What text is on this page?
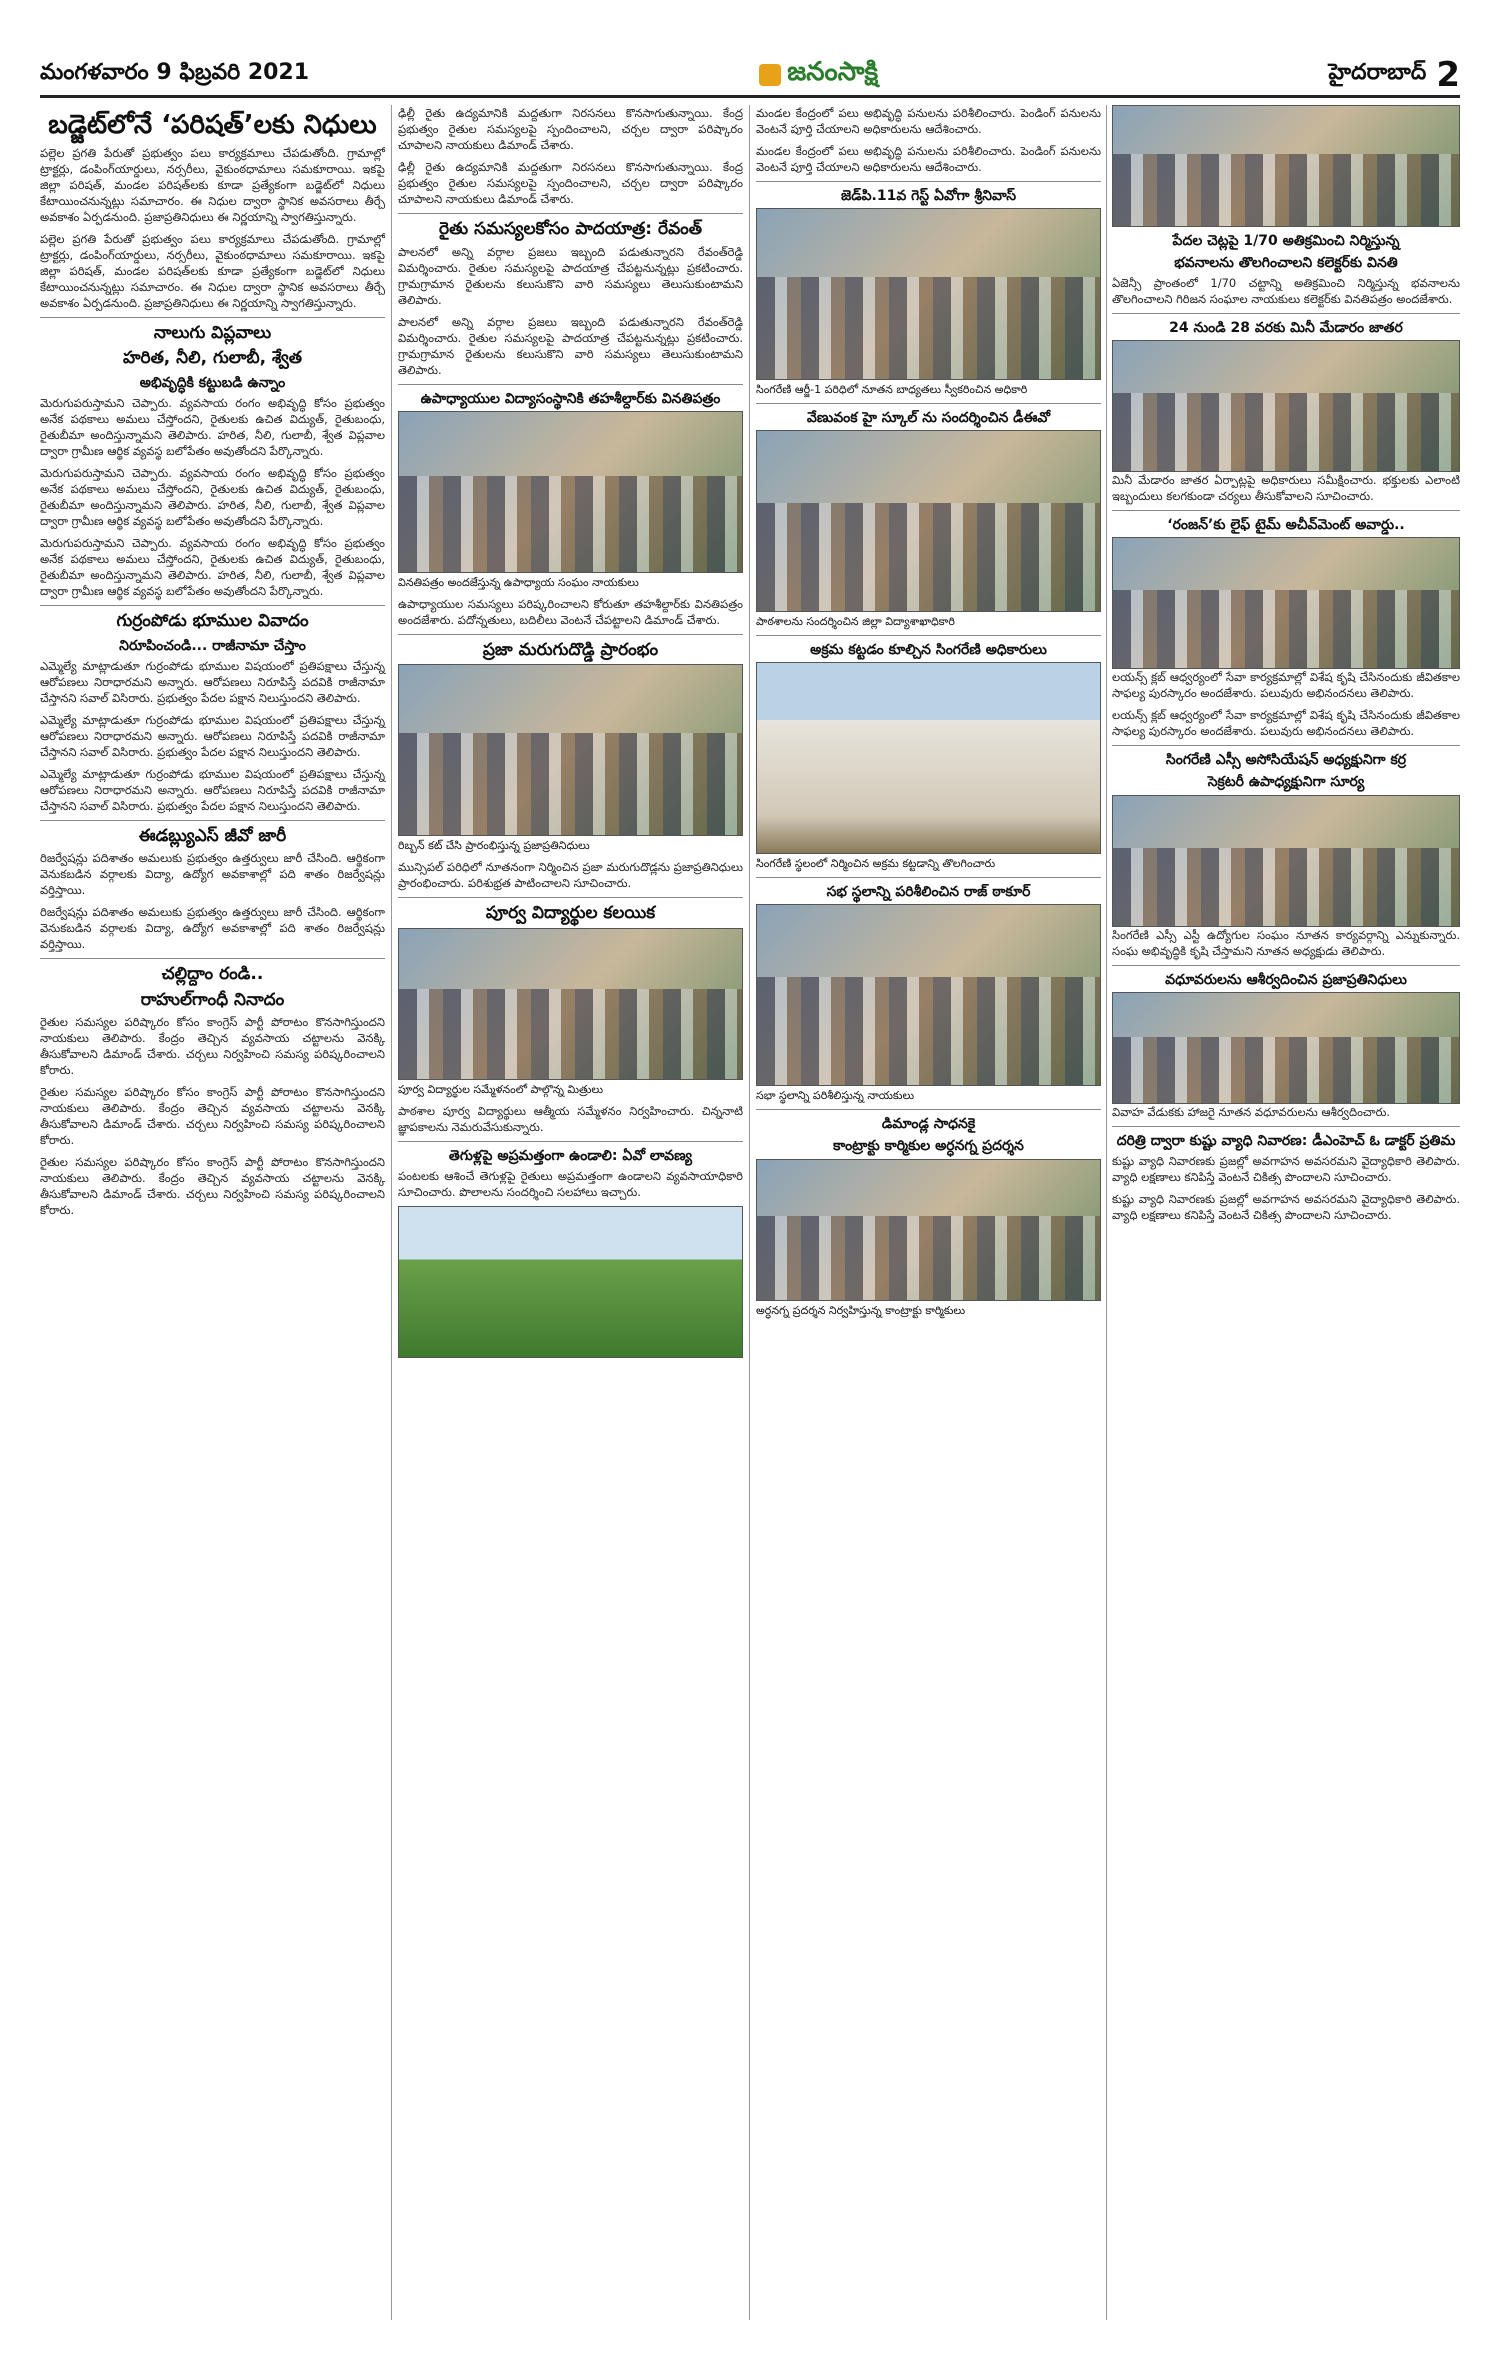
మంగళవారం 9 ఫిబ్రవరి 2021	జనంసాక్షి	హైదరాబాద్ 2
బడ్జెట్‌లోనే ‘పరిషత్’లకు నిధులు

పల్లెల ప్రగతి పేరుతో ప్రభుత్వం పలు కార్యక్రమాలు చేపడుతోంది. గ్రామాల్లో ట్రాక్టర్లు, డంపింగ్‌యార్డులు, నర్సరీలు, వైకుంఠధామాలు సమకూరాయి. ఇకపై జిల్లా పరిషత్, మండల పరిషత్‌లకు కూడా ప్రత్యేకంగా బడ్జెట్‌లో నిధులు కేటాయించనున్నట్లు సమాచారం. ఈ నిధుల ద్వారా స్థానిక అవసరాలు తీర్చే అవకాశం ఏర్పడనుంది. ప్రజాప్రతినిధులు ఈ నిర్ణయాన్ని స్వాగతిస్తున్నారు.

పల్లెల ప్రగతి పేరుతో ప్రభుత్వం పలు కార్యక్రమాలు చేపడుతోంది. గ్రామాల్లో ట్రాక్టర్లు, డంపింగ్‌యార్డులు, నర్సరీలు, వైకుంఠధామాలు సమకూరాయి. ఇకపై జిల్లా పరిషత్, మండల పరిషత్‌లకు కూడా ప్రత్యేకంగా బడ్జెట్‌లో నిధులు కేటాయించనున్నట్లు సమాచారం. ఈ నిధుల ద్వారా స్థానిక అవసరాలు తీర్చే అవకాశం ఏర్పడనుంది. ప్రజాప్రతినిధులు ఈ నిర్ణయాన్ని స్వాగతిస్తున్నారు.

నాలుగు విప్లవాలు
హరిత, నీలి, గులాబీ, శ్వేత
అభివృద్ధికి కట్టుబడి ఉన్నాం

మెరుగుపరుస్తామని చెప్పారు. వ్యవసాయ రంగం అభివృద్ధి కోసం ప్రభుత్వం అనేక పథకాలు అమలు చేస్తోందని, రైతులకు ఉచిత విద్యుత్, రైతుబంధు, రైతుబీమా అందిస్తున్నామని తెలిపారు. హరిత, నీలి, గులాబీ, శ్వేత విప్లవాల ద్వారా గ్రామీణ ఆర్థిక వ్యవస్థ బలోపేతం అవుతోందని పేర్కొన్నారు.

మెరుగుపరుస్తామని చెప్పారు. వ్యవసాయ రంగం అభివృద్ధి కోసం ప్రభుత్వం అనేక పథకాలు అమలు చేస్తోందని, రైతులకు ఉచిత విద్యుత్, రైతుబంధు, రైతుబీమా అందిస్తున్నామని తెలిపారు. హరిత, నీలి, గులాబీ, శ్వేత విప్లవాల ద్వారా గ్రామీణ ఆర్థిక వ్యవస్థ బలోపేతం అవుతోందని పేర్కొన్నారు.

మెరుగుపరుస్తామని చెప్పారు. వ్యవసాయ రంగం అభివృద్ధి కోసం ప్రభుత్వం అనేక పథకాలు అమలు చేస్తోందని, రైతులకు ఉచిత విద్యుత్, రైతుబంధు, రైతుబీమా అందిస్తున్నామని తెలిపారు. హరిత, నీలి, గులాబీ, శ్వేత విప్లవాల ద్వారా గ్రామీణ ఆర్థిక వ్యవస్థ బలోపేతం అవుతోందని పేర్కొన్నారు.

గుర్రంపోడు భూముల వివాదం
నిరూపించండి... రాజీనామా చేస్తాం

ఎమ్మెల్యే మాట్లాడుతూ గుర్రంపోడు భూముల విషయంలో ప్రతిపక్షాలు చేస్తున్న ఆరోపణలు నిరాధారమని అన్నారు. ఆరోపణలు నిరూపిస్తే పదవికి రాజీనామా చేస్తానని సవాల్ విసిరారు. ప్రభుత్వం పేదల పక్షాన నిలుస్తుందని తెలిపారు.

ఎమ్మెల్యే మాట్లాడుతూ గుర్రంపోడు భూముల విషయంలో ప్రతిపక్షాలు చేస్తున్న ఆరోపణలు నిరాధారమని అన్నారు. ఆరోపణలు నిరూపిస్తే పదవికి రాజీనామా చేస్తానని సవాల్ విసిరారు. ప్రభుత్వం పేదల పక్షాన నిలుస్తుందని తెలిపారు.

ఎమ్మెల్యే మాట్లాడుతూ గుర్రంపోడు భూముల విషయంలో ప్రతిపక్షాలు చేస్తున్న ఆరోపణలు నిరాధారమని అన్నారు. ఆరోపణలు నిరూపిస్తే పదవికి రాజీనామా చేస్తానని సవాల్ విసిరారు. ప్రభుత్వం పేదల పక్షాన నిలుస్తుందని తెలిపారు.

ఈడబ్ల్యుఎస్ జీవో జారీ

రిజర్వేషన్లు పదిశాతం అమలుకు ప్రభుత్వం ఉత్తర్వులు జారీ చేసింది. ఆర్థికంగా వెనుకబడిన వర్గాలకు విద్యా, ఉద్యోగ అవకాశాల్లో పది శాతం రిజర్వేషన్లు వర్తిస్తాయి.

రిజర్వేషన్లు పదిశాతం అమలుకు ప్రభుత్వం ఉత్తర్వులు జారీ చేసింది. ఆర్థికంగా వెనుకబడిన వర్గాలకు విద్యా, ఉద్యోగ అవకాశాల్లో పది శాతం రిజర్వేషన్లు వర్తిస్తాయి.

చల్లిద్దాం రండి..
రాహుల్‌గాంధీ నినాదం

రైతుల సమస్యల పరిష్కారం కోసం కాంగ్రెస్ పార్టీ పోరాటం కొనసాగిస్తుందని నాయకులు తెలిపారు. కేంద్రం తెచ్చిన వ్యవసాయ చట్టాలను వెనక్కి తీసుకోవాలని డిమాండ్ చేశారు. చర్చలు నిర్వహించి సమస్య పరిష్కరించాలని కోరారు.

రైతుల సమస్యల పరిష్కారం కోసం కాంగ్రెస్ పార్టీ పోరాటం కొనసాగిస్తుందని నాయకులు తెలిపారు. కేంద్రం తెచ్చిన వ్యవసాయ చట్టాలను వెనక్కి తీసుకోవాలని డిమాండ్ చేశారు. చర్చలు నిర్వహించి సమస్య పరిష్కరించాలని కోరారు.

రైతుల సమస్యల పరిష్కారం కోసం కాంగ్రెస్ పార్టీ పోరాటం కొనసాగిస్తుందని నాయకులు తెలిపారు. కేంద్రం తెచ్చిన వ్యవసాయ చట్టాలను వెనక్కి తీసుకోవాలని డిమాండ్ చేశారు. చర్చలు నిర్వహించి సమస్య పరిష్కరించాలని కోరారు.

ఢిల్లీ రైతు ఉద్యమానికి మద్దతుగా నిరసనలు కొనసాగుతున్నాయి. కేంద్ర ప్రభుత్వం రైతుల సమస్యలపై స్పందించాలని, చర్చల ద్వారా పరిష్కారం చూపాలని నాయకులు డిమాండ్ చేశారు.

ఢిల్లీ రైతు ఉద్యమానికి మద్దతుగా నిరసనలు కొనసాగుతున్నాయి. కేంద్ర ప్రభుత్వం రైతుల సమస్యలపై స్పందించాలని, చర్చల ద్వారా పరిష్కారం చూపాలని నాయకులు డిమాండ్ చేశారు.

రైతు సమస్యలకోసం పాదయాత్ర: రేవంత్

పాలనలో అన్ని వర్గాల ప్రజలు ఇబ్బంది పడుతున్నారని రేవంత్‌రెడ్డి విమర్శించారు. రైతుల సమస్యలపై పాదయాత్ర చేపట్టనున్నట్లు ప్రకటించారు. గ్రామగ్రామాన రైతులను కలుసుకొని వారి సమస్యలు తెలుసుకుంటామని తెలిపారు.

పాలనలో అన్ని వర్గాల ప్రజలు ఇబ్బంది పడుతున్నారని రేవంత్‌రెడ్డి విమర్శించారు. రైతుల సమస్యలపై పాదయాత్ర చేపట్టనున్నట్లు ప్రకటించారు. గ్రామగ్రామాన రైతులను కలుసుకొని వారి సమస్యలు తెలుసుకుంటామని తెలిపారు.

ఉపాధ్యాయుల విద్యాసంస్థానికి తహశీల్దార్‌కు వినతిపత్రం

వినతిపత్రం అందజేస్తున్న ఉపాధ్యాయ సంఘం నాయకులు

ఉపాధ్యాయుల సమస్యలు పరిష్కరించాలని కోరుతూ తహశీల్దార్‌కు వినతిపత్రం అందజేశారు. పదోన్నతులు, బదిలీలు వెంటనే చేపట్టాలని డిమాండ్ చేశారు.

ప్రజా మరుగుదొడ్డి ప్రారంభం

రిబ్బన్ కట్ చేసి ప్రారంభిస్తున్న ప్రజాప్రతినిధులు

మున్సిపల్ పరిధిలో నూతనంగా నిర్మించిన ప్రజా మరుగుదొడ్లను ప్రజాప్రతినిధులు ప్రారంభించారు. పరిశుభ్రత పాటించాలని సూచించారు.

పూర్వ విద్యార్థుల కలయిక

పూర్వ విద్యార్థుల సమ్మేళనంలో పాల్గొన్న మిత్రులు

పాఠశాల పూర్వ విద్యార్థులు ఆత్మీయ సమ్మేళనం నిర్వహించారు. చిన్ననాటి జ్ఞాపకాలను నెమరువేసుకున్నారు.

తెగుళ్లపై అప్రమత్తంగా ఉండాలి: ఏవో లావణ్య

పంటలకు ఆశించే తెగుళ్లపై రైతులు అప్రమత్తంగా ఉండాలని వ్యవసాయాధికారి సూచించారు. పొలాలను సందర్శించి సలహాలు ఇచ్చారు.

మండల కేంద్రంలో పలు అభివృద్ధి పనులను పరిశీలించారు. పెండింగ్ పనులను వెంటనే పూర్తి చేయాలని అధికారులను ఆదేశించారు.

మండల కేంద్రంలో పలు అభివృద్ధి పనులను పరిశీలించారు. పెండింగ్ పనులను వెంటనే పూర్తి చేయాలని అధికారులను ఆదేశించారు.

జెడ్‌పి.11వ గెస్ట్ ఏవోగా శ్రీనివాస్

సింగరేణి ఆర్జీ-1 పరిధిలో నూతన బాధ్యతలు స్వీకరించిన అధికారి

వేణువంక హై స్కూల్ ను సందర్శించిన డీఈవో

పాఠశాలను సందర్శించిన జిల్లా విద్యాశాఖాధికారి

అక్రమ కట్టడం కూల్చిన సింగరేణి అధికారులు

సింగరేణి స్థలంలో నిర్మించిన అక్రమ కట్టడాన్ని తొలగించారు

సభ స్థలాన్ని పరిశీలించిన రాజ్ ఠాకూర్

సభా స్థలాన్ని పరిశీలిస్తున్న నాయకులు

డిమాండ్ల సాధనకై
కాంట్రాక్టు కార్మికుల అర్ధనగ్న ప్రదర్శన

అర్ధనగ్న ప్రదర్శన నిర్వహిస్తున్న కాంట్రాక్టు కార్మికులు

పేదల చెట్లపై 1/70 అతిక్రమించి నిర్మిస్తున్న
భవనాలను తొలగించాలని కలెక్టర్‌కు వినతి

ఏజెన్సీ ప్రాంతంలో 1/70 చట్టాన్ని అతిక్రమించి నిర్మిస్తున్న భవనాలను తొలగించాలని గిరిజన సంఘాల నాయకులు కలెక్టర్‌కు వినతిపత్రం అందజేశారు.

24 నుండి 28 వరకు మినీ మేడారం జాతర

మినీ మేడారం జాతర ఏర్పాట్లపై అధికారులు సమీక్షించారు. భక్తులకు ఎలాంటి ఇబ్బందులు కలగకుండా చర్యలు తీసుకోవాలని సూచించారు.

‘రంజన్’కు లైఫ్ టైమ్ అచీవ్‌మెంట్ అవార్డు..

లయన్స్ క్లబ్ ఆధ్వర్యంలో సేవా కార్యక్రమాల్లో విశేష కృషి చేసినందుకు జీవితకాల సాఫల్య పురస్కారం అందజేశారు. పలువురు అభినందనలు తెలిపారు.

లయన్స్ క్లబ్ ఆధ్వర్యంలో సేవా కార్యక్రమాల్లో విశేష కృషి చేసినందుకు జీవితకాల సాఫల్య పురస్కారం అందజేశారు. పలువురు అభినందనలు తెలిపారు.

సింగరేణి ఎస్సీ అసోసియేషన్ అధ్యక్షునిగా కర్ర
సెక్రటరీ ఉపాధ్యక్షునిగా సూర్య

సింగరేణి ఎస్సీ ఎస్టీ ఉద్యోగుల సంఘం నూతన కార్యవర్గాన్ని ఎన్నుకున్నారు. సంఘ అభివృద్ధికి కృషి చేస్తామని నూతన అధ్యక్షుడు తెలిపారు.

వధూవరులను ఆశీర్వదించిన ప్రజాప్రతినిధులు

వివాహ వేడుకకు హాజరై నూతన వధూవరులను ఆశీర్వదించారు.

దరిత్రి ద్వారా కుష్టు వ్యాధి నివారణ: డీఎంహెచ్ ఓ డాక్టర్ ప్రతిమ

కుష్టు వ్యాధి నివారణకు ప్రజల్లో అవగాహన అవసరమని వైద్యాధికారి తెలిపారు. వ్యాధి లక్షణాలు కనిపిస్తే వెంటనే చికిత్స పొందాలని సూచించారు.

కుష్టు వ్యాధి నివారణకు ప్రజల్లో అవగాహన అవసరమని వైద్యాధికారి తెలిపారు. వ్యాధి లక్షణాలు కనిపిస్తే వెంటనే చికిత్స పొందాలని సూచించారు.
